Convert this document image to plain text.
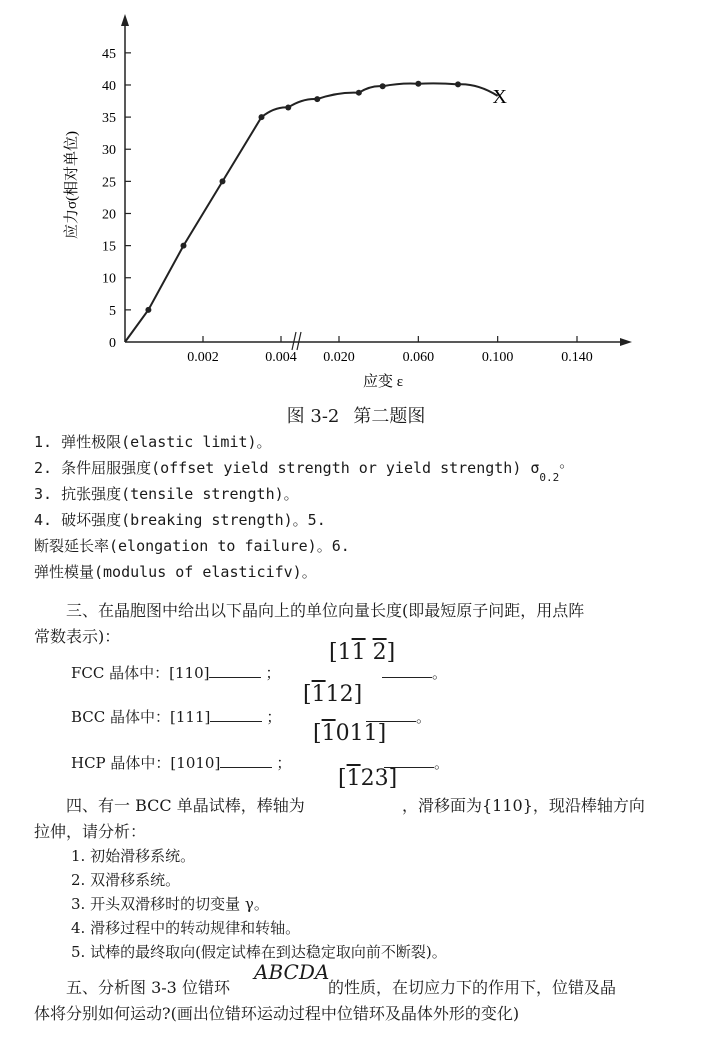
5
10
15
20
25
30
35
40
45
0.002	0.004 0.020	0.060	0.100	0.140
0
应力σ(相对单位)
应变 ε
X
图 3-2 第二题图
1. 弹性极限(elastic limit)。
2. 条件屈服强度(offset yield strength or yield strength) $\sigma_{0.2}$。
3. 抗张强度(tensile strength)。
4. 破坏强度(breaking strength)。5.
断裂延长率(elongation to failure)。6.
弹性模量(modulus of elasticifv)。
三、在晶胞图中给出以下晶向上的单位向量长度(即最短原子问距，用点阵
常数表示)：
FCC 晶体中：[110]	；
[11 2]
。
BCC 晶体中：[111]	；
[112]
。
[1011]
HCP 晶体中：[1010]	；	。
[123]
四、有一 BCC 单晶试棒，棒轴为	，滑移面为{110}，现沿棒轴方向
拉伸，请分析：
1. 初始滑移系统。
2. 双滑移系统。
3. 开头双滑移时的切变量 γ。
4. 滑移过程中的转动规律和转轴。
5. 试棒的最终取向(假定试棒在到达稳定取向前不断裂)。
ABCDA
五、分析图 3-3 位错环	的性质，在切应力下的作用下，位错及晶
体将分别如何运动?(画出位错环运动过程中位错环及晶体外形的变化)
